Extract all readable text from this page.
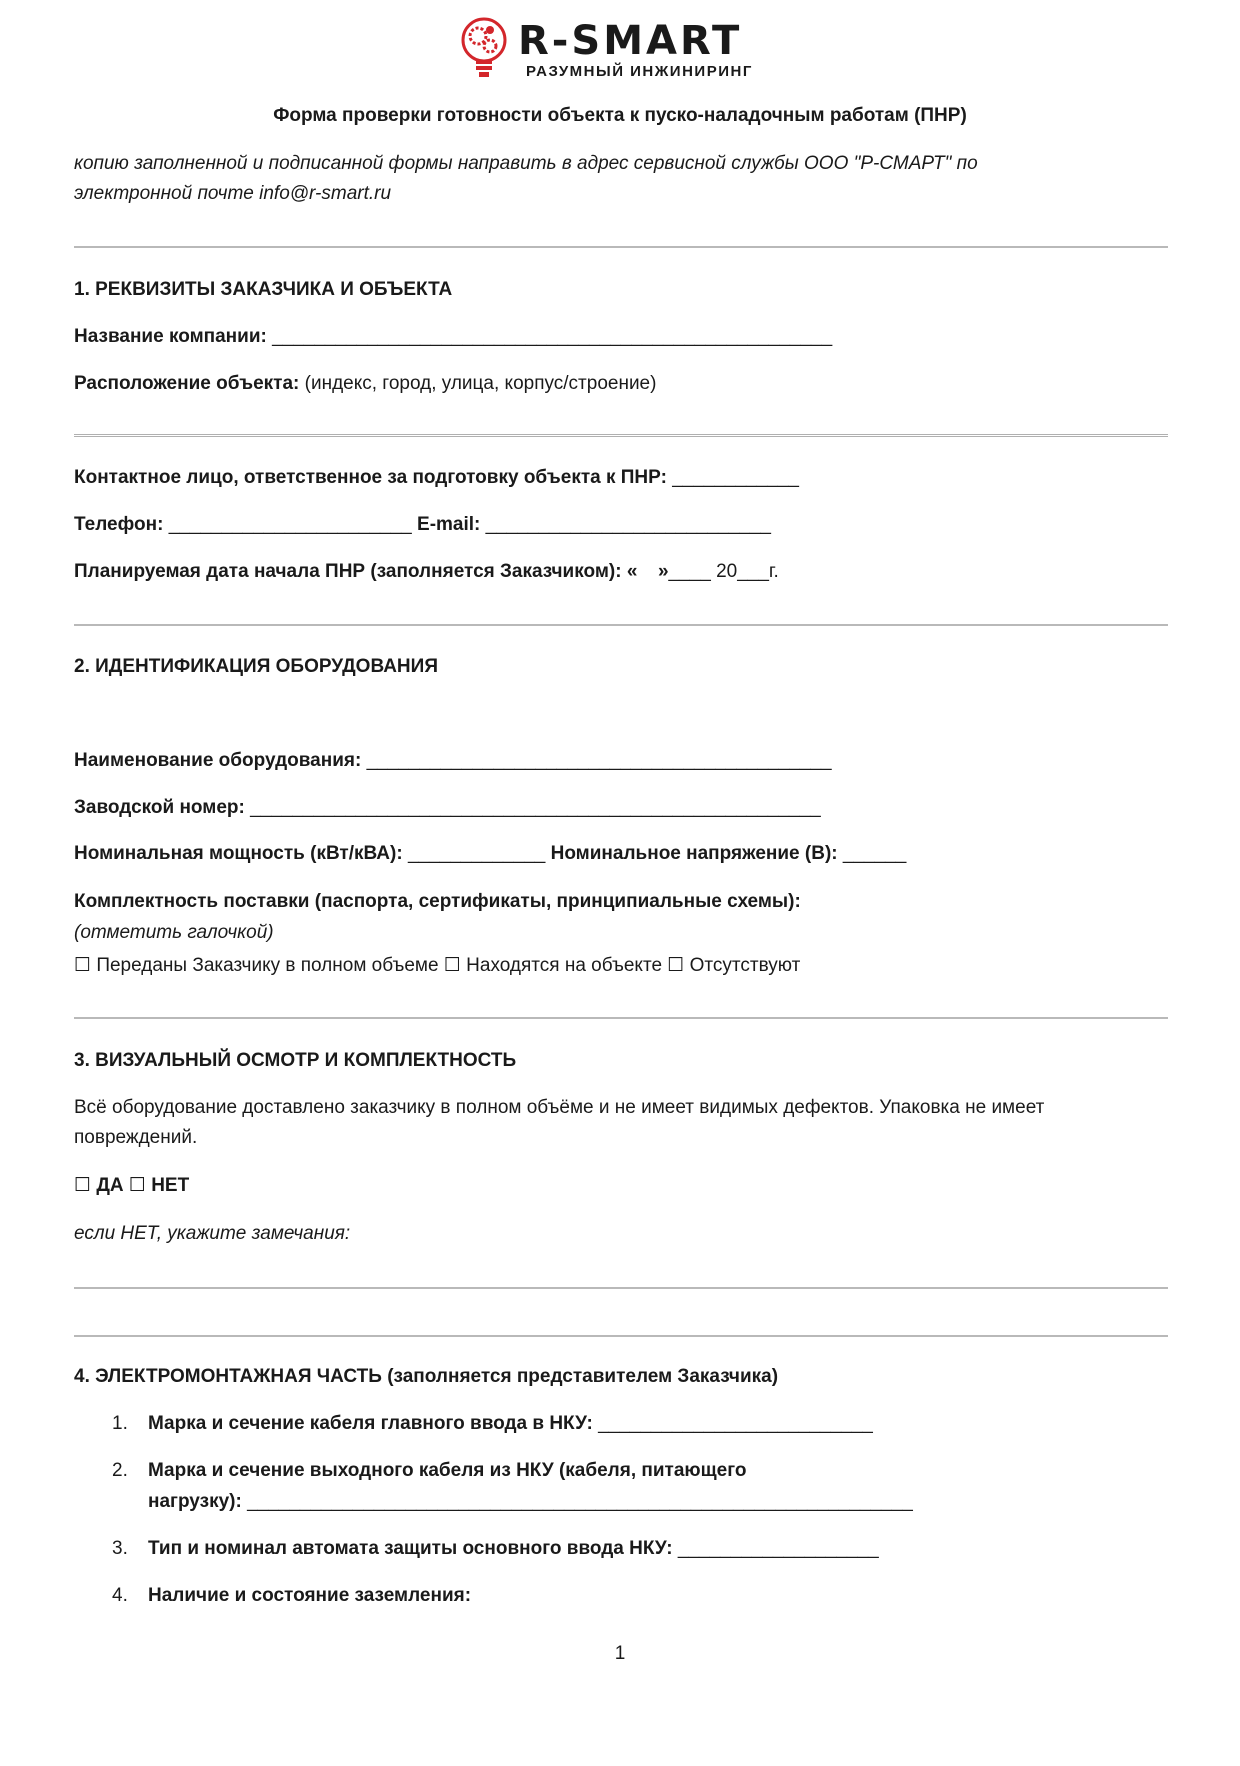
R-SMART
РАЗУМНЫЙ ИНЖИНИРИНГ
Форма проверки готовности объекта к пуско-наладочным работам (ПНР)
копию заполненной и подписанной формы направить в адрес сервисной службы ООО "Р-СМАРТ" по
электронной почте info@r-smart.ru
1. РЕКВИЗИТЫ ЗАКАЗЧИКА И ОБЪЕКТА
Название компании: _____________________________________________________
Расположение объекта: (индекс, город, улица, корпус/строение)
Контактное лицо, ответственное за подготовку объекта к ПНР: ____________
Телефон: _______________________ E-mail: ___________________________
Планируемая дата начала ПНР (заполняется Заказчиком): « »____ 20___г.
2. ИДЕНТИФИКАЦИЯ ОБОРУДОВАНИЯ
Наименование оборудования: ____________________________________________
Заводской номер: ______________________________________________________
Номинальная мощность (кВт/кВА): _____________ Номинальное напряжение (В): ______
Комплектность поставки (паспорта, сертификаты, принципиальные схемы):
(отметить галочкой)
☐ Переданы Заказчику в полном объеме ☐ Находятся на объекте ☐ Отсутствуют
3. ВИЗУАЛЬНЫЙ ОСМОТР И КОМПЛЕКТНОСТЬ
Всё оборудование доставлено заказчику в полном объёме и не имеет видимых дефектов. Упаковка не имеет
повреждений.
☐ ДА ☐ НЕТ
если НЕТ, укажите замечания:
4. ЭЛЕКТРОМОНТАЖНАЯ ЧАСТЬ (заполняется представителем Заказчика)
1. Марка и сечение кабеля главного ввода в НКУ: __________________________
2. Марка и сечение выходного кабеля из НКУ (кабеля, питающего
нагрузку): _______________________________________________________________
3. Тип и номинал автомата защиты основного ввода НКУ: ___________________
4. Наличие и состояние заземления:
1
